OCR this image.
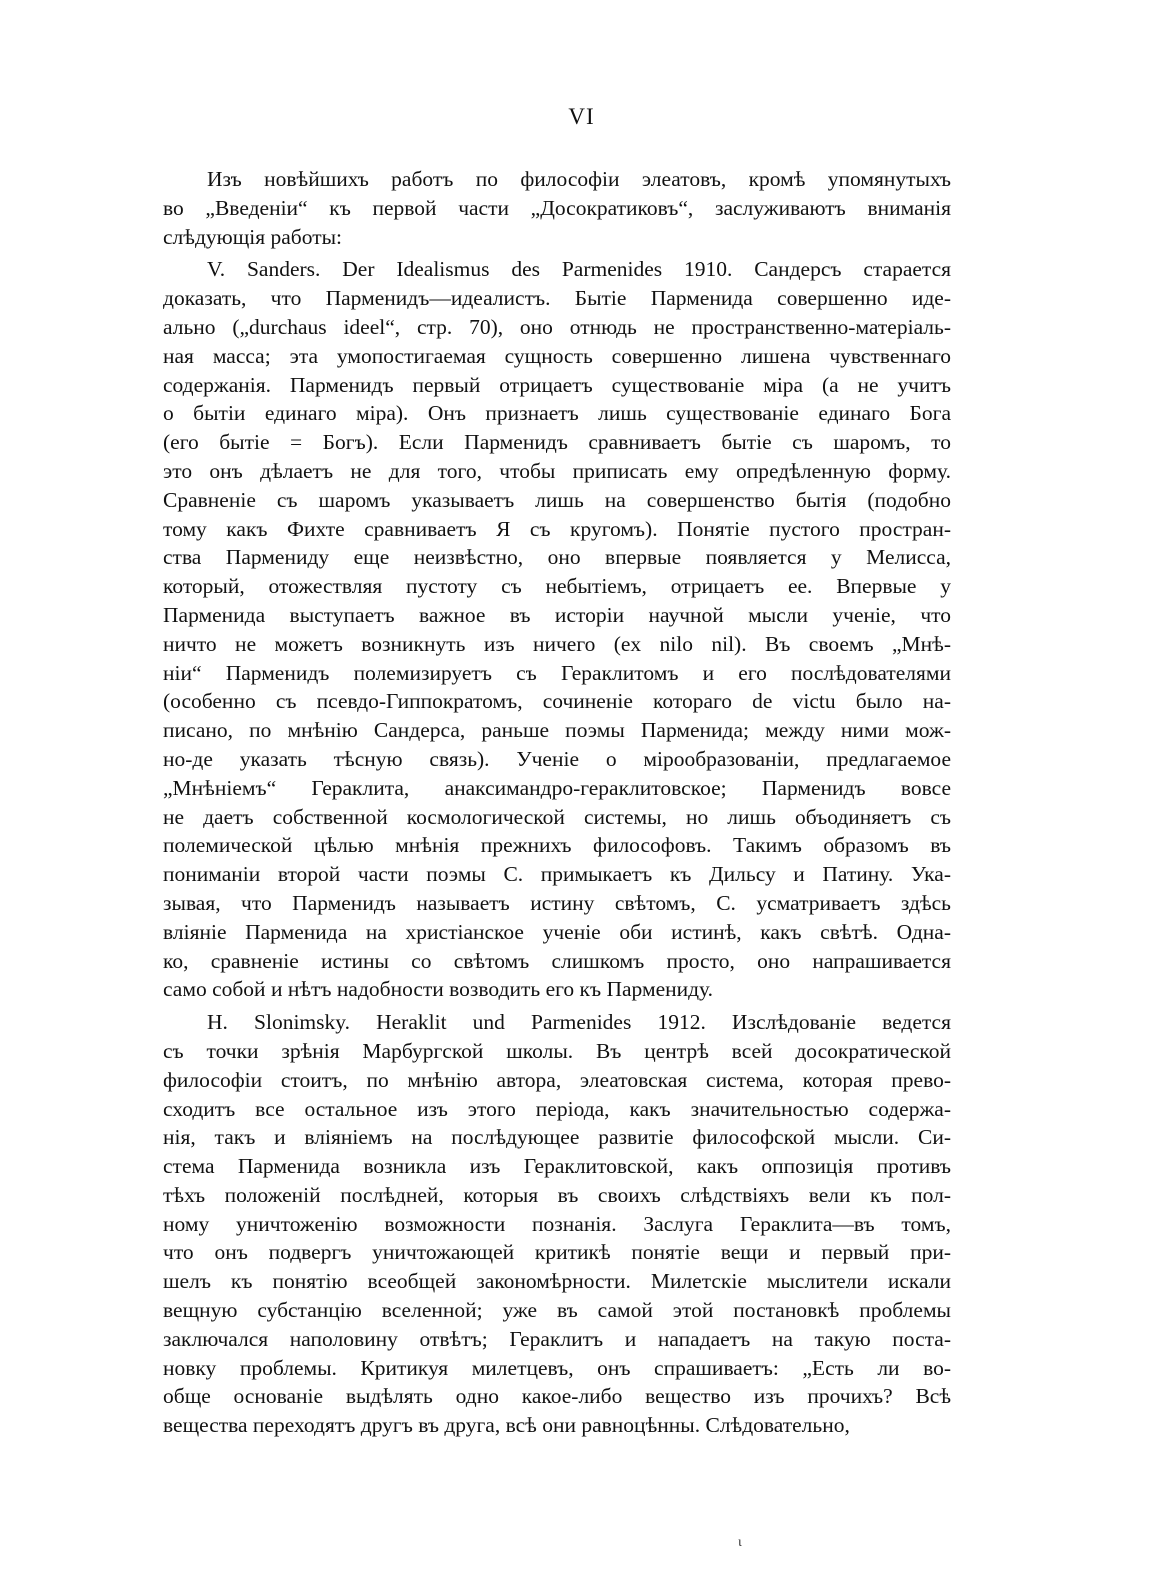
VI
Изъ новѣйшихъ работъ по философіи элеатовъ, кромѣ упомянутыхъ
во „Введеніи“ къ первой части „Досократиковъ“, заслуживаютъ вниманія
слѣдующія работы:
V. Sanders. Der Idealismus des Parmenides 1910. Сандерсъ старается
доказать, что Парменидъ—идеалистъ. Бытіе Парменида совершенно иде-
ально („durchaus ideel“, стр. 70), оно отнюдь не пространственно-матеріаль-
ная масса; эта умопостигаемая сущность совершенно лишена чувственнаго
содержанія. Парменидъ первый отрицаетъ существованіе міра (а не учитъ
о бытіи единаго міра). Онъ признаетъ лишь существованіе единаго Бога
(его бытіе = Богъ). Если Парменидъ сравниваетъ бытіе съ шаромъ, то
это онъ дѣлаетъ не для того, чтобы приписать ему опредѣленную форму.
Сравненіе съ шаромъ указываетъ лишь на совершенство бытія (подобно
тому какъ Фихте сравниваетъ Я съ кругомъ). Понятіе пустого простран-
ства Пармениду еще неизвѣстно, оно впервые появляется у Мелисса,
который, отожествляя пустоту съ небытіемъ, отрицаетъ ее. Впервые у
Парменида выступаетъ важное въ исторіи научной мысли ученіе, что
ничто не можетъ возникнуть изъ ничего (ex nilo nil). Въ своемъ „Мнѣ-
ніи“ Парменидъ полемизируетъ съ Гераклитомъ и его послѣдователями
(особенно съ псевдо-Гиппократомъ, сочиненіе котораго de victu было на-
писано, по мнѣнію Сандерса, раньше поэмы Парменида; между ними мож-
но-де указать тѣсную связь). Ученіе о мірообразованіи, предлагаемое
„Мнѣніемъ“ Гераклита, анаксимандро-гераклитовское; Парменидъ вовсе
не даетъ собственной космологической системы, но лишь объодиняетъ съ
полемической цѣлью мнѣнія прежнихъ философовъ. Такимъ образомъ въ
пониманіи второй части поэмы С. примыкаетъ къ Дильсу и Патину. Ука-
зывая, что Парменидъ называетъ истину свѣтомъ, С. усматриваетъ здѣсь
вліяніе Парменида на христіанское ученіе оби истинѣ, какъ свѣтѣ. Одна-
ко, сравненіе истины со свѣтомъ слишкомъ просто, оно напрашивается
само собой и нѣтъ надобности возводить его къ Пармениду.
H. Slonimsky. Heraklit und Parmenides 1912. Изслѣдованіе ведется
съ точки зрѣнія Марбургской школы. Въ центрѣ всей досократической
философіи стоитъ, по мнѣнію автора, элеатовская система, которая прево-
сходитъ все остальное изъ этого періода, какъ значительностью содержа-
нія, такъ и вліяніемъ на послѣдующее развитіе философской мысли. Си-
стема Парменида возникла изъ Гераклитовской, какъ оппозиція противъ
тѣхъ положеній послѣдней, которыя въ своихъ слѣдствіяхъ вели къ пол-
ному уничтоженію возможности познанія. Заслуга Гераклита—въ томъ,
что онъ подвергъ уничтожающей критикѣ понятіе вещи и первый при-
шелъ къ понятію всеобщей закономѣрности. Милетскіе мыслители искали
вещную субстанцію вселенной; уже въ самой этой постановкѣ проблемы
заключался наполовину отвѣтъ; Гераклитъ и нападаетъ на такую поста-
новку проблемы. Критикуя милетцевъ, онъ спрашиваетъ: „Есть ли во-
обще основаніе выдѣлять одно какое-либо вещество изъ прочихъ? Всѣ
вещества переходятъ другъ въ друга, всѣ они равноцѣнны. Слѣдовательно,
ι
